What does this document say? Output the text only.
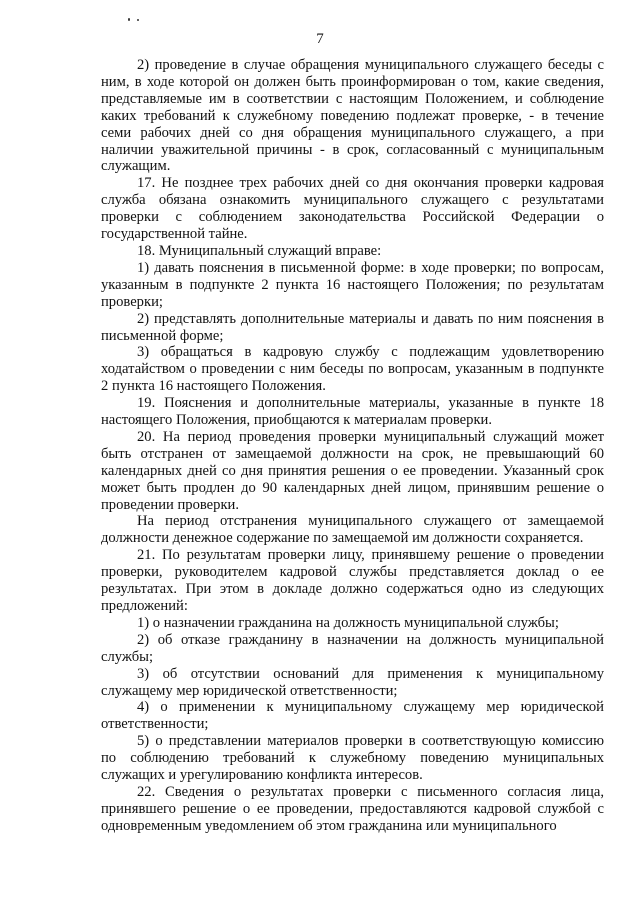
7

2) проведение в случае обращения муниципального служащего беседы с ним, в ходе которой он должен быть проинформирован о том, какие сведения, представляемые им в соответствии с настоящим Положением, и соблюдение каких требований к служебному поведению подлежат проверке, - в течение семи рабочих дней со дня обращения муниципального служащего, а при наличии уважительной причины - в срок, согласованный с муниципальным служащим.

17. Не позднее трех рабочих дней со дня окончания проверки кадровая служба обязана ознакомить муниципального служащего с результатами проверки с соблюдением законодательства Российской Федерации о государственной тайне.

18. Муниципальный служащий вправе:

1) давать пояснения в письменной форме: в ходе проверки; по вопросам, указанным в подпункте 2 пункта 16 настоящего Положения; по результатам проверки;

2) представлять дополнительные материалы и давать по ним пояснения в письменной форме;

3) обращаться в кадровую службу с подлежащим удовлетворению ходатайством о проведении с ним беседы по вопросам, указанным в подпункте 2 пункта 16 настоящего Положения.

19. Пояснения и дополнительные материалы, указанные в пункте 18 настоящего Положения, приобщаются к материалам проверки.

20. На период проведения проверки муниципальный служащий может быть отстранен от замещаемой должности на срок, не превышающий 60 календарных дней со дня принятия решения о ее проведении. Указанный срок может быть продлен до 90 календарных дней лицом, принявшим решение о проведении проверки.

На период отстранения муниципального служащего от замещаемой должности денежное содержание по замещаемой им должности сохраняется.

21. По результатам проверки лицу, принявшему решение о проведении проверки, руководителем кадровой службы представляется доклад о ее результатах. При этом в докладе должно содержаться одно из следующих предложений:

1) о назначении гражданина на должность муниципальной службы;

2) об отказе гражданину в назначении на должность муниципальной службы;

3) об отсутствии оснований для применения к муниципальному служащему мер юридической ответственности;

4) о применении к муниципальному служащему мер юридической ответственности;

5) о представлении материалов проверки в соответствующую комиссию по соблюдению требований к служебному поведению муниципальных служащих и урегулированию конфликта интересов.

22. Сведения о результатах проверки с письменного согласия лица, принявшего решение о ее проведении, предоставляются кадровой службой с одновременным уведомлением об этом гражданина или муниципального
